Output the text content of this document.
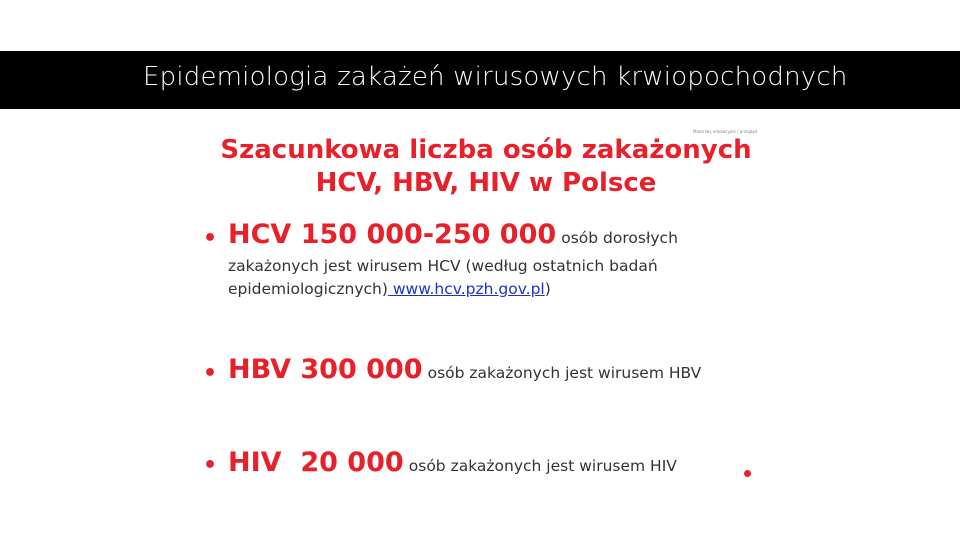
Epidemiologia zakażeń wirusowych krwiopochodnych
Materiały edukacyjne / przegląd
Szacunkowa liczba osób zakażonych
HCV, HBV, HIV w Polsce
• HCV 150 000-250 000 osób dorosłych
zakażonych jest wirusem HCV (według ostatnich badań
epidemiologicznych) www.hcv.pzh.gov.pl)
• HBV 300 000 osób zakażonych jest wirusem HBV
• HIV  20 000 osób zakażonych jest wirusem HIV
